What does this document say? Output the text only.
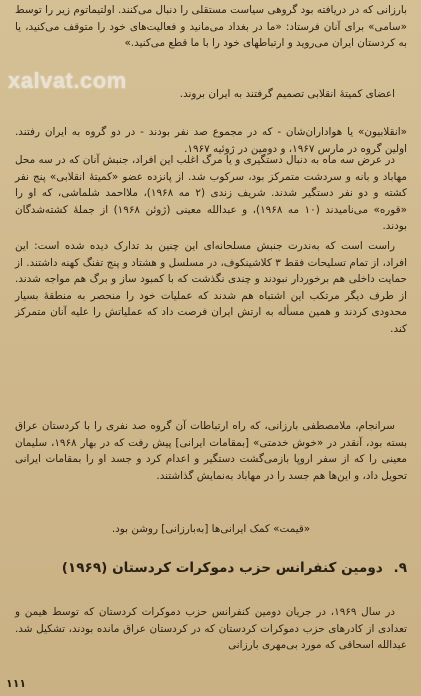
xalvat.com

بارزانی که در دریافته بود گروهی سیاست مستقلی را دنبال می‌کنند. اولتیماتوم زیر را توسط «سامی» برای آنان فرستاد: «ما در بغداد می‌مانید و فعالیت‌های خود را متوقف می‌کنید، یا به کردستان ایران می‌روید و ارتباطهای خود را با ما قطع می‌کنید.»

اعضای کمیتهٔ انقلابی تصمیم گرفتند به ایران بروند.

«انقلابیون» یا هواداران‌شان - که در مجموع صد نفر بودند - در دو گروه به ایران رفتند. اولین گروه در مارس ۱۹۶۷، و دومین در ژوئیه ۱۹۶۷.

در عرض سه ماه به دنبال دستگیری و یا مرگ اغلب این افراد، جنبش آنان که در سه محل مهاباد و بانه و سردشت متمرکز بود، سرکوب شد. از پانزده عضو «کمیتهٔ انقلابی» پنج نفر کشته و دو نفر دستگیر شدند. شریف زندی (۲ مه ۱۹۶۸)، ملااحمد شلماشی، که او را «قوره» می‌نامیدند (۱۰ مه ۱۹۶۸)، و عبدالله معینی (ژوئن ۱۹۶۸) از جملهٔ کشته‌شدگان بودند.

راست است که به‌ندرت جنبش مسلحانه‌ای این چنین بد تدارک دیده شده است: این افراد، از تمام تسلیحات فقط ۳ کلاشینکوف، در مسلسل و هشتاد و پنج تفنگ کهنه داشتند. از حمایت داخلی هم برخوردار نبودند و چندی نگذشت که با کمبود ساز و برگ هم مواجه شدند. از طرف دیگر مرتکب این اشتباه هم شدند که عملیات خود را منحصر به منطقهٔ بسیار محدودی کردند و همین مسأله به ارتش ایران فرصت داد که عملیاتش را علیه آنان متمرکز کند.

سرانجام، ملامصطفی بارزانی، که راه ارتباطات آن گروه صد نفری را با کردستان عراق بسته بود، آنقدر در «خوش خدمتی» [بمقامات ایرانی] پیش رفت که در بهار ۱۹۶۸، سلیمان معینی را که از سفر اروپا بازمی‌گشت دستگیر و اعدام کرد و جسد او را بمقامات ایرانی تحویل داد، و این‌ها هم جسد را در مهاباد به‌نمایش گذاشتند.

«قیمت» کمک ایرانی‌ها [به‌بارزانی] روشن بود.

۹. دومین کنفرانس حزب دموکرات کردستان (۱۹۶۹)

در سال ۱۹۶۹، در جریان دومین کنفرانس حزب دموکرات کردستان که توسط هیمن و تعدادی از کادرهای حزب دموکرات کردستان که در کردستان عراق مانده بودند، تشکیل شد. عبدالله اسحاقی که مورد بی‌مهری بارزانی

۱۱۱
